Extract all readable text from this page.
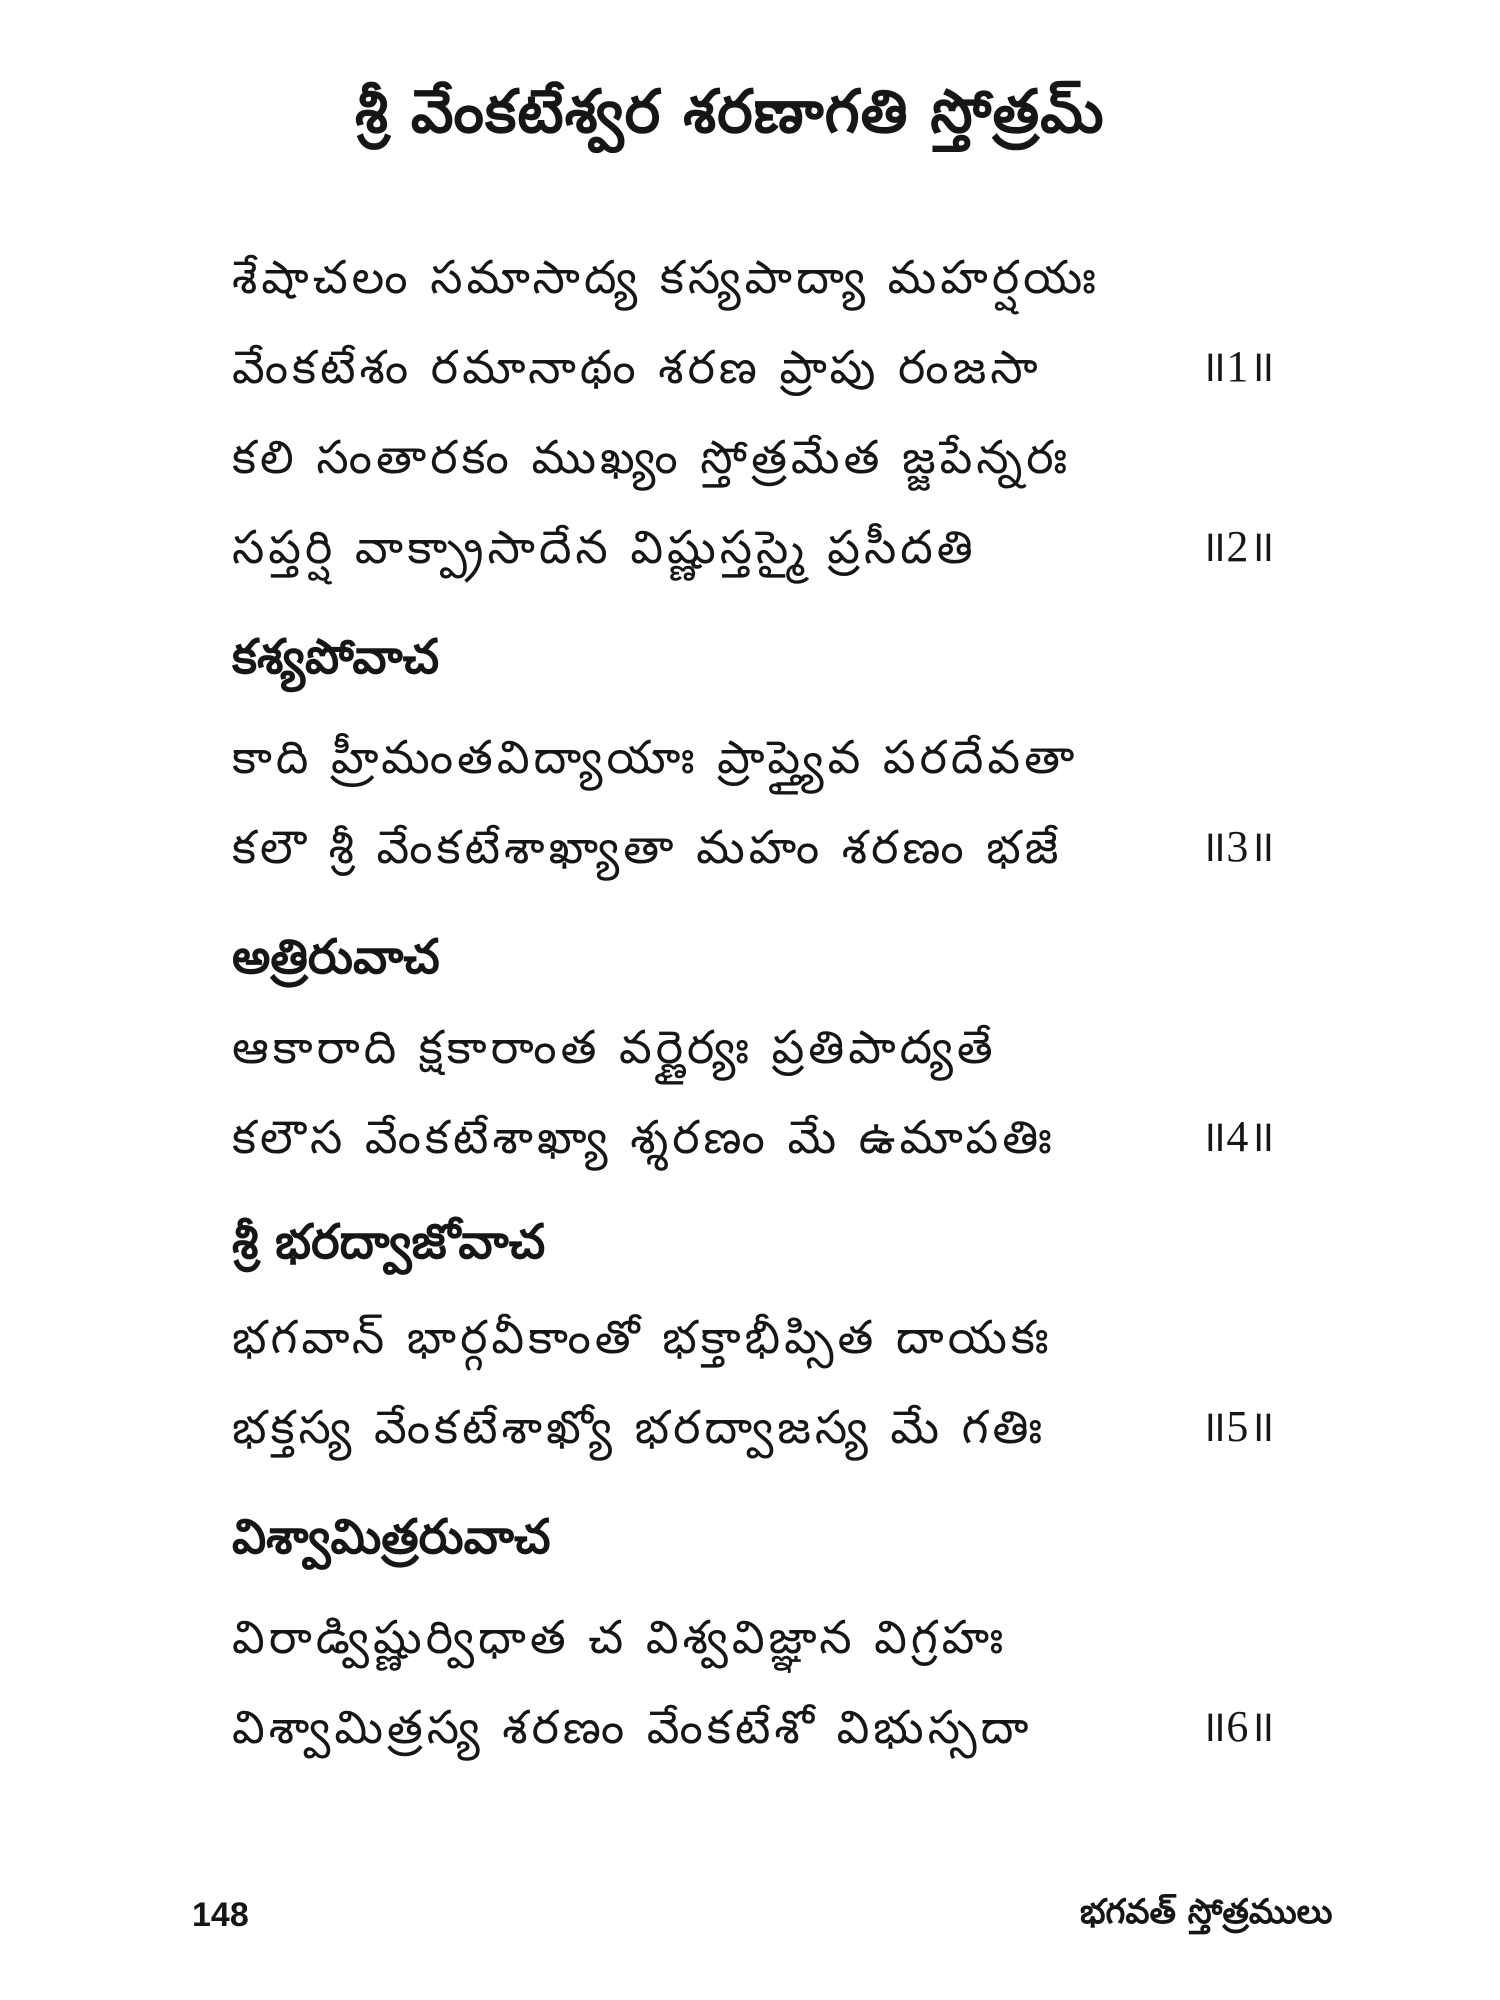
శ్రీ వేంకటేశ్వర శరణాగతి స్తోత్రమ్
శేషాచలం సమాసాద్య కస్యపాద్యా మహర్షయః
వేంకటేశం రమానాథం శరణ ప్రాపు రంజసా	॥1॥
కలి సంతారకం ముఖ్యం స్తోత్రమేత జ్జపేన్నరః
సప్తర్షి వాక్ప్రాసాదేన విష్ణుస్తస్మై ప్రసీదతి	॥2॥
కశ్యపోవాచ
కాది హ్రీమంతవిద్యాయాః ప్రాప్త్యైవ పరదేవతా
కలౌ శ్రీ వేంకటేశాఖ్యాతా మహం శరణం భజే	॥3॥
అత్రిరువాచ
ఆకారాది క్షకారాంత వర్ణైర్యః ప్రతిపాద్యతే
కలౌస వేంకటేశాఖ్యా శ్శరణం మే ఉమాపతిః	॥4॥
శ్రీ భరద్వాజోవాచ
భగవాన్ భార్గవీకాంతో భక్తాభీప్సిత దాయకః
భక్తస్య వేంకటేశాఖ్యో భరద్వాజస్య మే గతిః	॥5॥
విశ్వామిత్రరువాచ
విరాడ్విష్ణుర్విధాత చ విశ్వవిజ్ఞాన విగ్రహః
విశ్వామిత్రస్య శరణం వేంకటేశో విభుస్సదా	॥6॥
148	భగవత్ స్తోత్రములు
